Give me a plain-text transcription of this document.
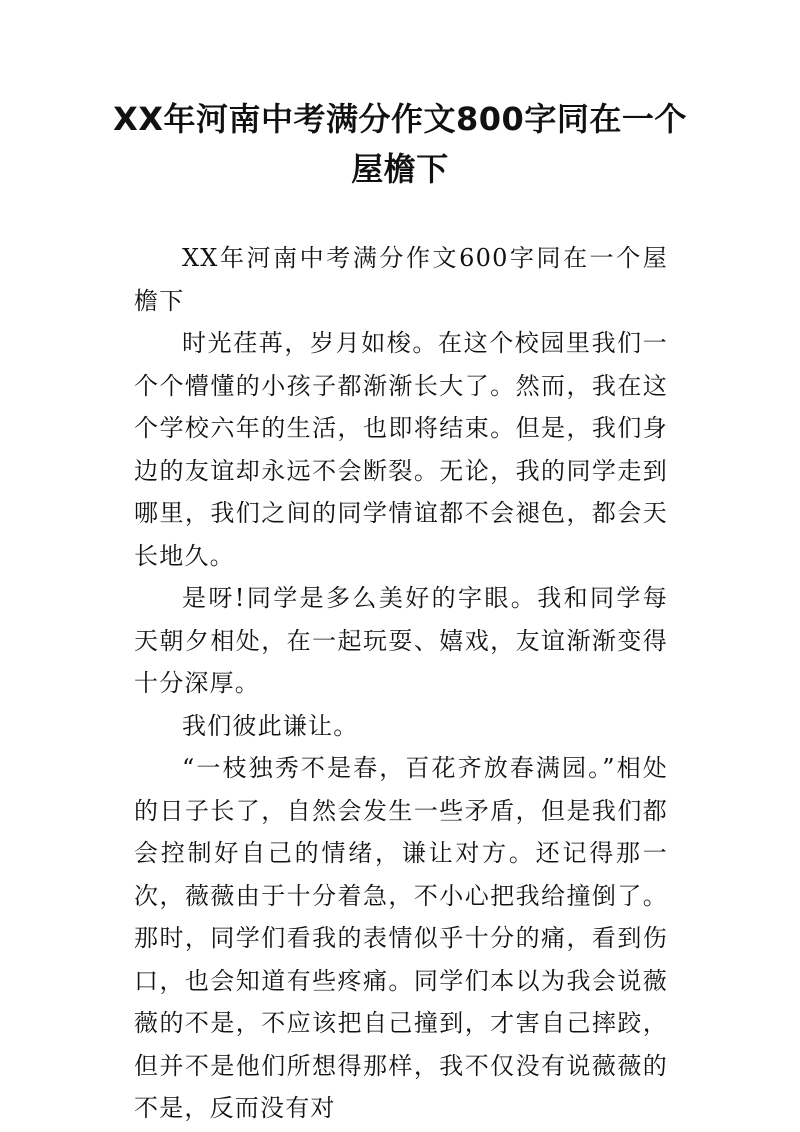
XX年河南中考满分作文800字同在一个屋檐下

XX年河南中考满分作文600字同在一个屋檐下

时光荏苒，岁月如梭。在这个校园里我们一个个懵懂的小孩子都渐渐长大了。然而，我在这个学校六年的生活，也即将结束。但是，我们身边的友谊却永远不会断裂。无论，我的同学走到哪里，我们之间的同学情谊都不会褪色，都会天长地久。

是呀!同学是多么美好的字眼。我和同学每天朝夕相处，在一起玩耍、嬉戏，友谊渐渐变得十分深厚。

我们彼此谦让。

“一枝独秀不是春，百花齐放春满园。”相处的日子长了，自然会发生一些矛盾，但是我们都会控制好自己的情绪，谦让对方。还记得那一次，薇薇由于十分着急，不小心把我给撞倒了。那时，同学们看我的表情似乎十分的痛，看到伤口，也会知道有些疼痛。同学们本以为我会说薇薇的不是，不应该把自己撞到，才害自己摔跤，但并不是他们所想得那样，我不仅没有说薇薇的不是，反而没有对
